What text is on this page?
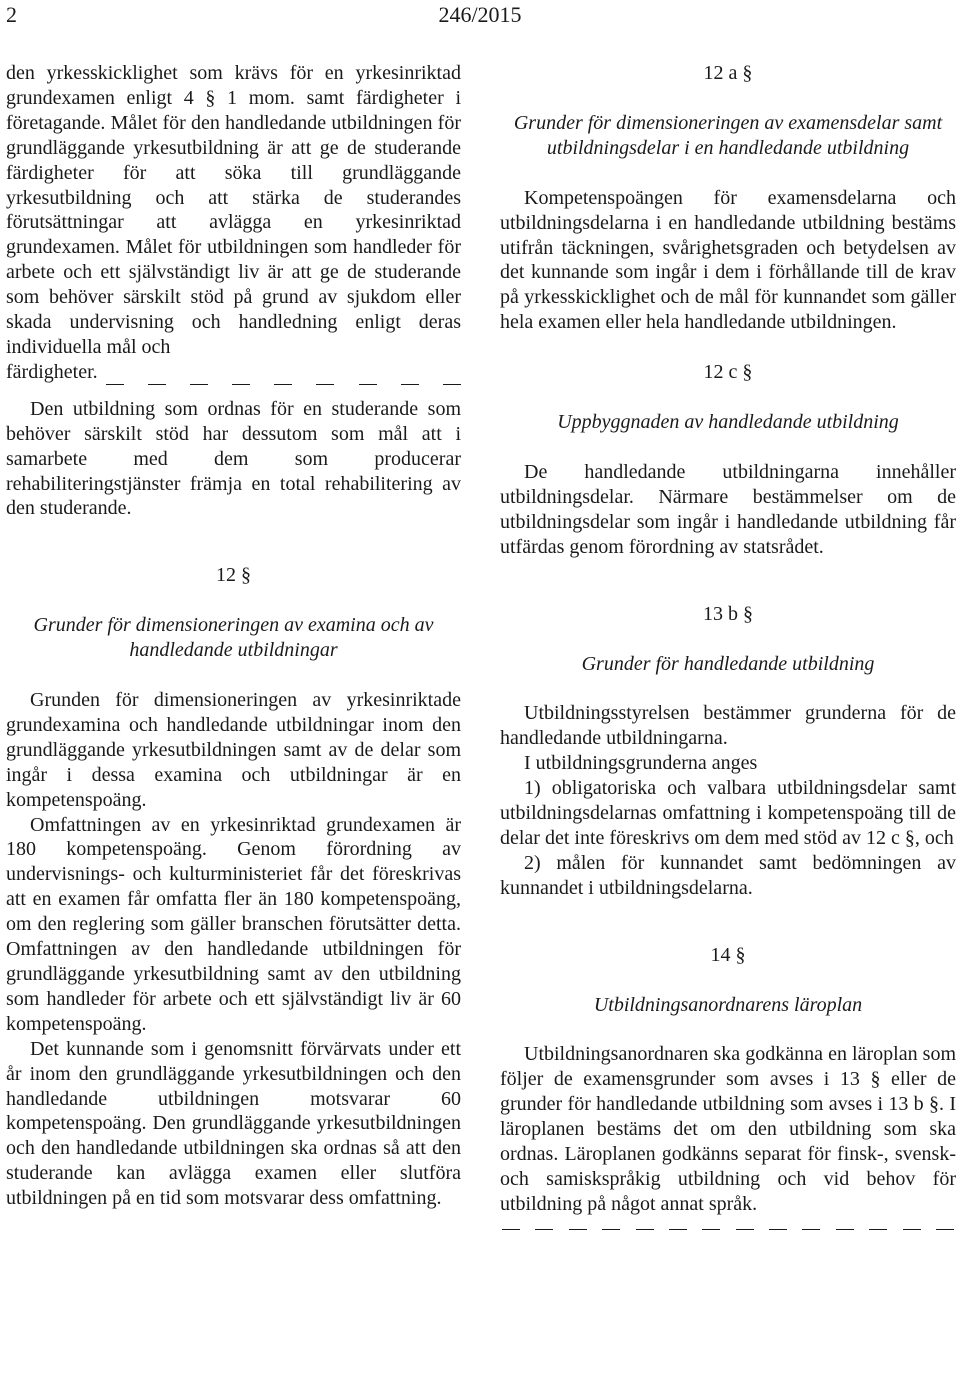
2	246/2015

den yrkesskicklighet som krävs för en yrkesinriktad grundexamen enligt 4 § 1 mom. samt färdigheter i företagande. Målet för den handledande utbildningen för grundläggande yrkesutbildning är att ge de studerande färdigheter för att söka till grundläggande yrkesutbildning och att stärka de studerandes förutsättningar att avlägga en yrkesinriktad grundexamen. Målet för utbildningen som handleder för arbete och ett självständigt liv är att ge de studerande som behöver särskilt stöd på grund av sjukdom eller skada undervisning och handledning enligt deras individuella mål och

färdigheter.

Den utbildning som ordnas för en studerande som behöver särskilt stöd har dessutom som mål att i samarbete med dem som producerar rehabiliteringstjänster främja en total rehabilitering av den studerande.

12 §

Grunder för dimensioneringen av examina och av handledande utbildningar

Grunden för dimensioneringen av yrkesinriktade grundexamina och handledande utbildningar inom den grundläggande yrkesutbildningen samt av de delar som ingår i dessa examina och utbildningar är en kompetenspoäng.

Omfattningen av en yrkesinriktad grundexamen är 180 kompetenspoäng. Genom förordning av undervisnings- och kulturministeriet får det föreskrivas att en examen får omfatta fler än 180 kompetenspoäng, om den reglering som gäller branschen förutsätter detta. Omfattningen av den handledande utbildningen för grundläggande yrkesutbildning samt av den utbildning som handleder för arbete och ett självständigt liv är 60 kompetenspoäng.

Det kunnande som i genomsnitt förvärvats under ett år inom den grundläggande yrkesutbildningen och den handledande utbildningen motsvarar 60 kompetenspoäng. Den grundläggande yrkesutbildningen och den handledande utbildningen ska ordnas så att den studerande kan avlägga examen eller slutföra utbildningen på en tid som motsvarar dess omfattning.

12 a §

Grunder för dimensioneringen av examensdelar samt utbildningsdelar i en handledande utbildning

Kompetenspoängen för examensdelarna och utbildningsdelarna i en handledande utbildning bestäms utifrån täckningen, svårighetsgraden och betydelsen av det kunnande som ingår i dem i förhållande till de krav på yrkesskicklighet och de mål för kunnandet som gäller hela examen eller hela handledande utbildningen.

12 c §

Uppbyggnaden av handledande utbildning

De handledande utbildningarna innehåller utbildningsdelar. Närmare bestämmelser om de utbildningsdelar som ingår i handledande utbildning får utfärdas genom förordning av statsrådet.

13 b §

Grunder för handledande utbildning

Utbildningsstyrelsen bestämmer grunderna för de handledande utbildningarna.

I utbildningsgrunderna anges

1) obligatoriska och valbara utbildningsdelar samt utbildningsdelarnas omfattning i kompetenspoäng till de delar det inte föreskrivs om dem med stöd av 12 c §, och

2) målen för kunnandet samt bedömningen av kunnandet i utbildningsdelarna.

14 §

Utbildningsanordnarens läroplan

Utbildningsanordnaren ska godkänna en läroplan som följer de examensgrunder som avses i 13 § eller de grunder för handledande utbildning som avses i 13 b §. I läroplanen bestäms det om den utbildning som ska ordnas. Läroplanen godkänns separat för finsk-, svensk- och samiskspråkig utbildning och vid behov för utbildning på något annat språk.
